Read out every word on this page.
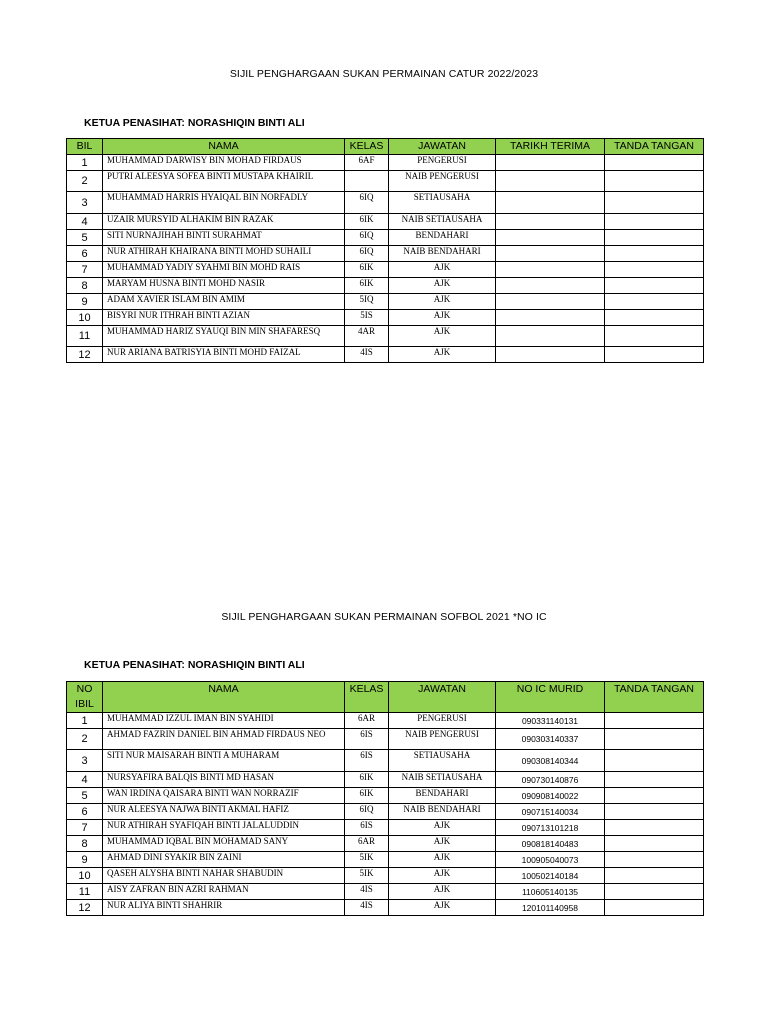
SIJIL PENGHARGAAN SUKAN PERMAINAN CATUR 2022/2023
KETUA PENASIHAT: NORASHIQIN BINTI ALI
BIL	NAMA	KELAS	JAWATAN	TARIKH TERIMA	TANDA TANGAN
1	MUHAMMAD DARWISY BIN MOHAD FIRDAUS	6AF	PENGERUSI		
2	PUTRI ALEESYA SOFEA BINTI MUSTAPA KHAIRIL		NAIB PENGERUSI		
3	MUHAMMAD HARRIS HYAIQAL BIN NORFADLY	6IQ	SETIAUSAHA		
4	UZAIR MURSYID ALHAKIM BIN RAZAK	6IK	NAIB SETIAUSAHA		
5	SITI NURNAJIHAH BINTI SURAHMAT	6IQ	BENDAHARI		
6	NUR ATHIRAH KHAIRANA BINTI MOHD SUHAILI	6IQ	NAIB BENDAHARI		
7	MUHAMMAD YADIY SYAHMI BIN MOHD RAIS	6IK	AJK		
8	MARYAM HUSNA BINTI MOHD NASIR	6IK	AJK		
9	ADAM XAVIER ISLAM BIN AMIM	5IQ	AJK		
10	BISYRI NUR ITHRAH BINTI AZIAN	5IS	AJK		
11	MUHAMMAD HARIZ SYAUQI BIN MIN SHAFARESQ	4AR	AJK		
12	NUR ARIANA BATRISYIA BINTI MOHD FAIZAL	4IS	AJK		
SIJIL PENGHARGAAN SUKAN PERMAINAN SOFBOL 2021 *NO IC
KETUA PENASIHAT: NORASHIQIN BINTI ALI
NO IBIL	NAMA	KELAS	JAWATAN	NO IC MURID	TANDA TANGAN
1	MUHAMMAD IZZUL IMAN BIN SYAHIDI	6AR	PENGERUSI	090331140131	
2	AHMAD FAZRIN DANIEL BIN AHMAD FIRDAUS NEO	6IS	NAIB PENGERUSI	090303140337	
3	SITI NUR MAISARAH BINTI A MUHARAM	6IS	SETIAUSAHA	090308140344	
4	NURSYAFIRA BALQIS BINTI MD HASAN	6IK	NAIB SETIAUSAHA	090730140876	
5	WAN IRDINA QAISARA BINTI WAN NORRAZIF	6IK	BENDAHARI	090908140022	
6	NUR ALEESYA NAJWA BINTI AKMAL HAFIZ	6IQ	NAIB BENDAHARI	090715140034	
7	NUR ATHIRAH SYAFIQAH BINTI JALALUDDIN	6IS	AJK	090713101218	
8	MUHAMMAD IQBAL BIN MOHAMAD SANY	6AR	AJK	090818140483	
9	AHMAD DINI SYAKIR BIN ZAINI	5IK	AJK	100905040073	
10	QASEH ALYSHA BINTI NAHAR SHABUDIN	5IK	AJK	100502140184	
11	AISY ZAFRAN BIN AZRI RAHMAN	4IS	AJK	110605140135	
12	NUR ALIYA BINTI SHAHRIR	4IS	AJK	120101140958	
